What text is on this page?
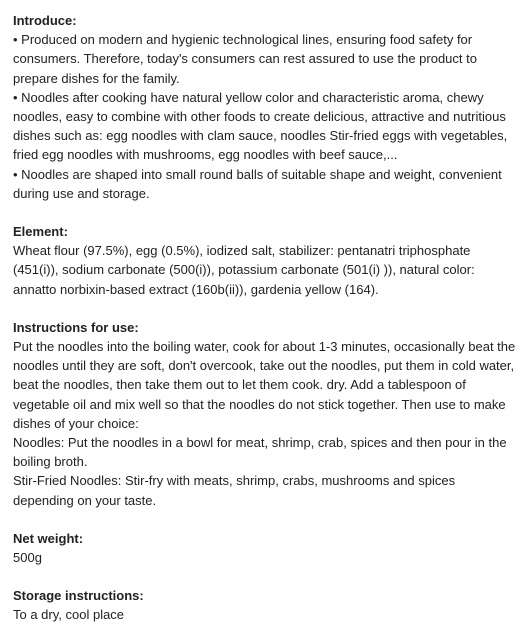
Introduce:

• Produced on modern and hygienic technological lines, ensuring food safety for consumers. Therefore, today's consumers can rest assured to use the product to prepare dishes for the family.

• Noodles after cooking have natural yellow color and characteristic aroma, chewy noodles, easy to combine with other foods to create delicious, attractive and nutritious dishes such as: egg noodles with clam sauce, noodles Stir-fried eggs with vegetables, fried egg noodles with mushrooms, egg noodles with beef sauce,...

• Noodles are shaped into small round balls of suitable shape and weight, convenient during use and storage.

Element:

Wheat flour (97.5%), egg (0.5%), iodized salt, stabilizer: pentanatri triphosphate (451(i)), sodium carbonate (500(i)), potassium carbonate (501(i) )), natural color: annatto norbixin-based extract (160b(ii)), gardenia yellow (164).

Instructions for use:

Put the noodles into the boiling water, cook for about 1-3 minutes, occasionally beat the noodles until they are soft, don't overcook, take out the noodles, put them in cold water, beat the noodles, then take them out to let them cook. dry. Add a tablespoon of vegetable oil and mix well so that the noodles do not stick together. Then use to make dishes of your choice:

Noodles: Put the noodles in a bowl for meat, shrimp, crab, spices and then pour in the boiling broth.

Stir-Fried Noodles: Stir-fry with meats, shrimp, crabs, mushrooms and spices depending on your taste.

Net weight:

500g

Storage instructions:

To a dry, cool place
